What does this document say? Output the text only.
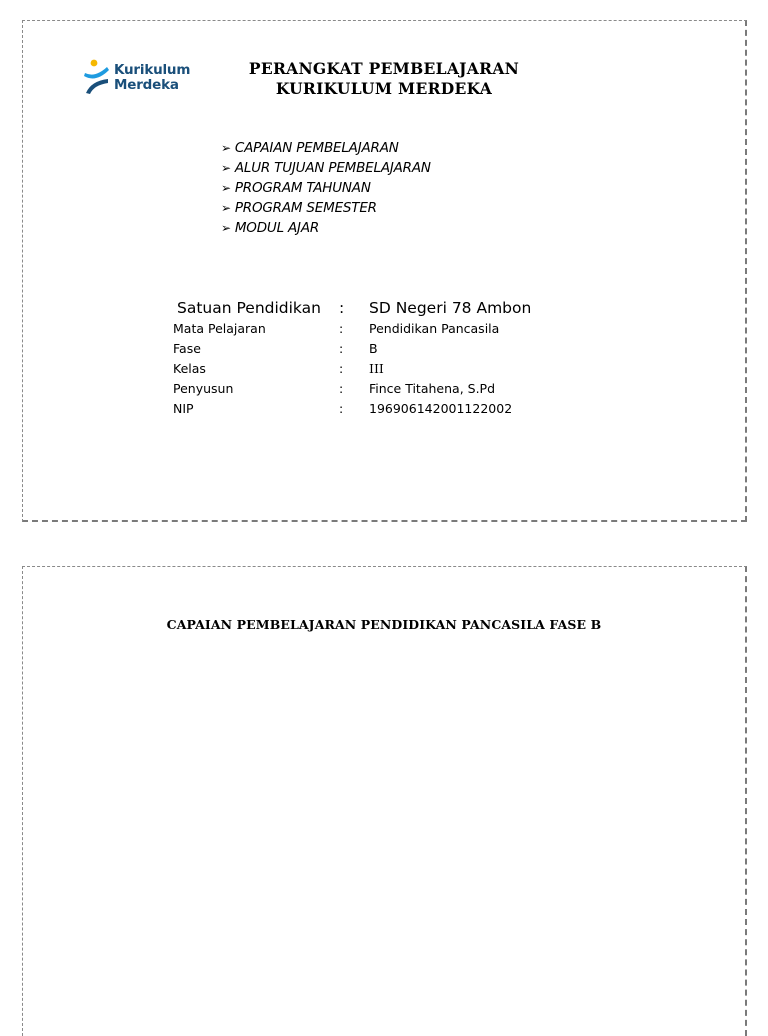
Kurikulum
Merdeka
PERANGKAT PEMBELAJARAN
KURIKULUM MERDEKA
➢ CAPAIAN PEMBELAJARAN
➢ ALUR TUJUAN PEMBELAJARAN
➢ PROGRAM TAHUNAN
➢ PROGRAM SEMESTER
➢ MODUL AJAR
Satuan Pendidikan	:	SD Negeri 78 Ambon
Mata Pelajaran	:	Pendidikan Pancasila
Fase	:	B
Kelas	:	III
Penyusun	:	Fince Titahena, S.Pd
NIP	:	196906142001122002
CAPAIAN PEMBELAJARAN PENDIDIKAN PANCASILA FASE B
